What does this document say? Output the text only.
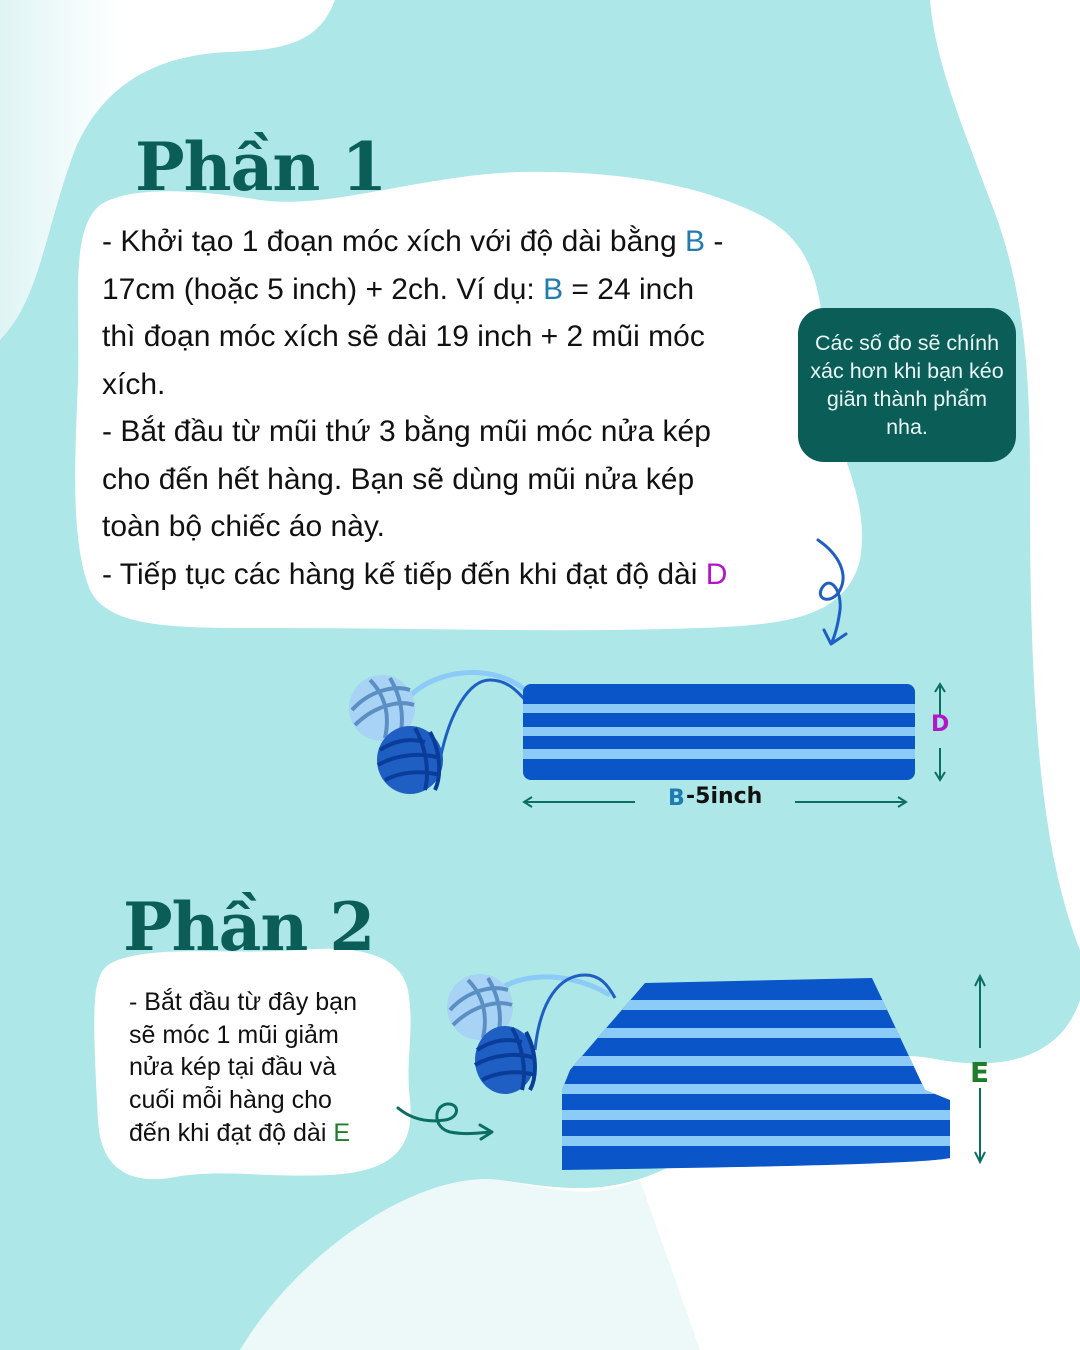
Phần 1
- Khởi tạo 1 đoạn móc xích với độ dài bằng B -
17cm (hoặc 5 inch) + 2ch. Ví dụ: B = 24 inch
thì đoạn móc xích sẽ dài 19 inch + 2 mũi móc
xích.
- Bắt đầu từ mũi thứ 3 bằng mũi móc nửa kép
cho đến hết hàng. Bạn sẽ dùng mũi nửa kép
toàn bộ chiếc áo này.
- Tiếp tục các hàng kế tiếp đến khi đạt độ dài D
Các số đo sẽ chính xác hơn khi bạn kéo giãn thành phẩm nha.
D
B -5inch
Phần 2
- Bắt đầu từ đây bạn
sẽ móc 1 mũi giảm
nửa kép tại đầu và
cuối mỗi hàng cho
đến khi đạt độ dài E
E
